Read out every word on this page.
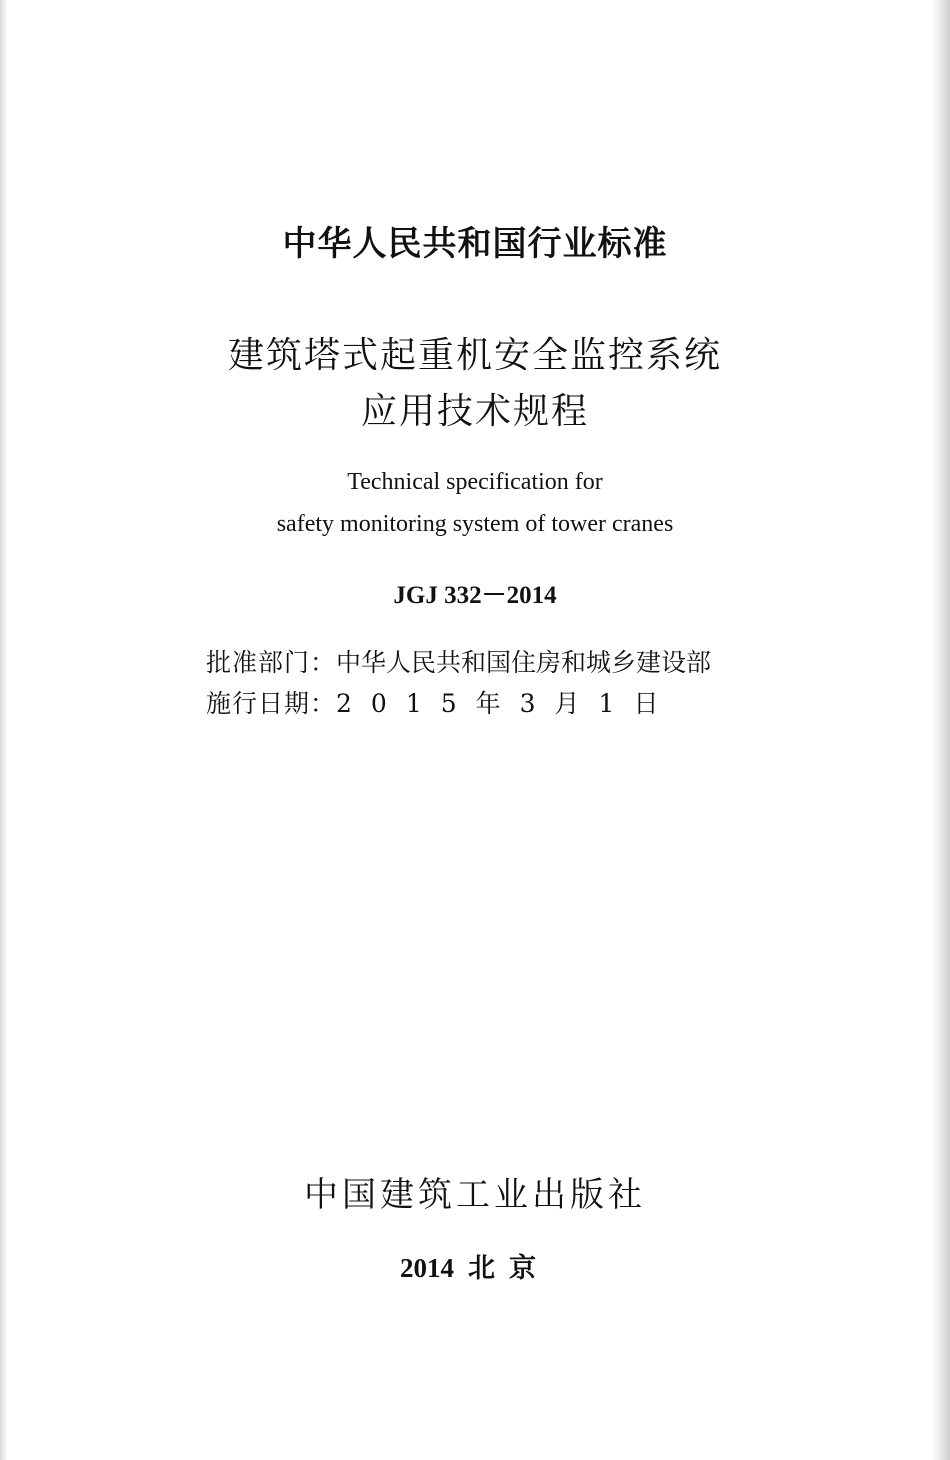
中华人民共和国行业标准
建筑塔式起重机安全监控系统
应用技术规程
Technical specification for
safety monitoring system of tower cranes
JGJ 332－2014
批准部门：中华人民共和国住房和城乡建设部
施行日期：2015年3月1日
中国建筑工业出版社
2014 北京
